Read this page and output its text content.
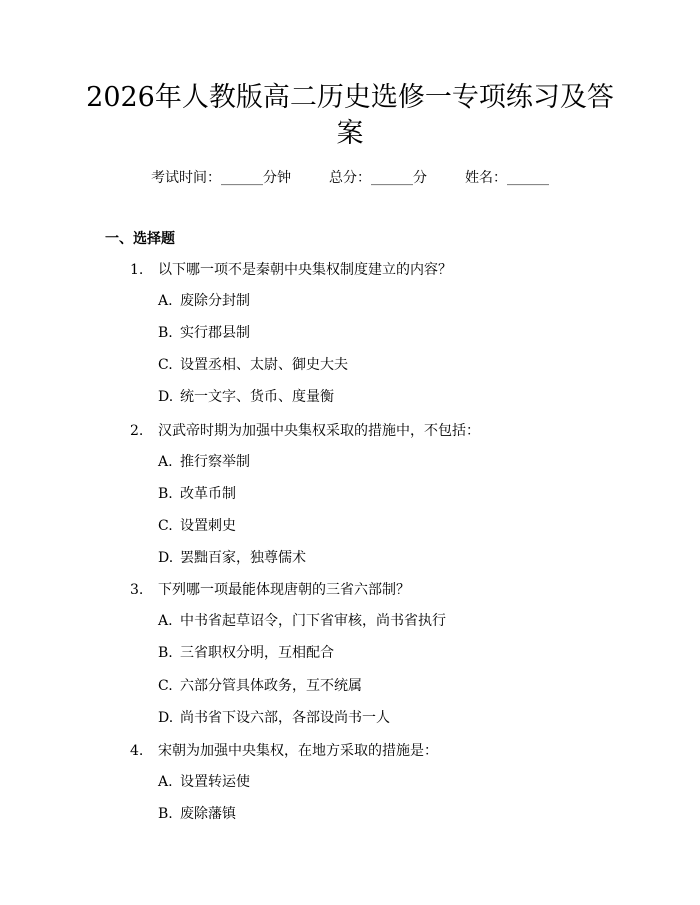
2026年人教版高二历史选修一专项练习及答案
考试时间：______分钟	总分：______分	姓名：______
一、选择题
1. 以下哪一项不是秦朝中央集权制度建立的内容？
A. 废除分封制
B. 实行郡县制
C. 设置丞相、太尉、御史大夫
D. 统一文字、货币、度量衡
2. 汉武帝时期为加强中央集权采取的措施中，不包括：
A. 推行察举制
B. 改革币制
C. 设置刺史
D. 罢黜百家，独尊儒术
3. 下列哪一项最能体现唐朝的三省六部制？
A. 中书省起草诏令，门下省审核，尚书省执行
B. 三省职权分明，互相配合
C. 六部分管具体政务，互不统属
D. 尚书省下设六部，各部设尚书一人
4. 宋朝为加强中央集权，在地方采取的措施是：
A. 设置转运使
B. 废除藩镇
